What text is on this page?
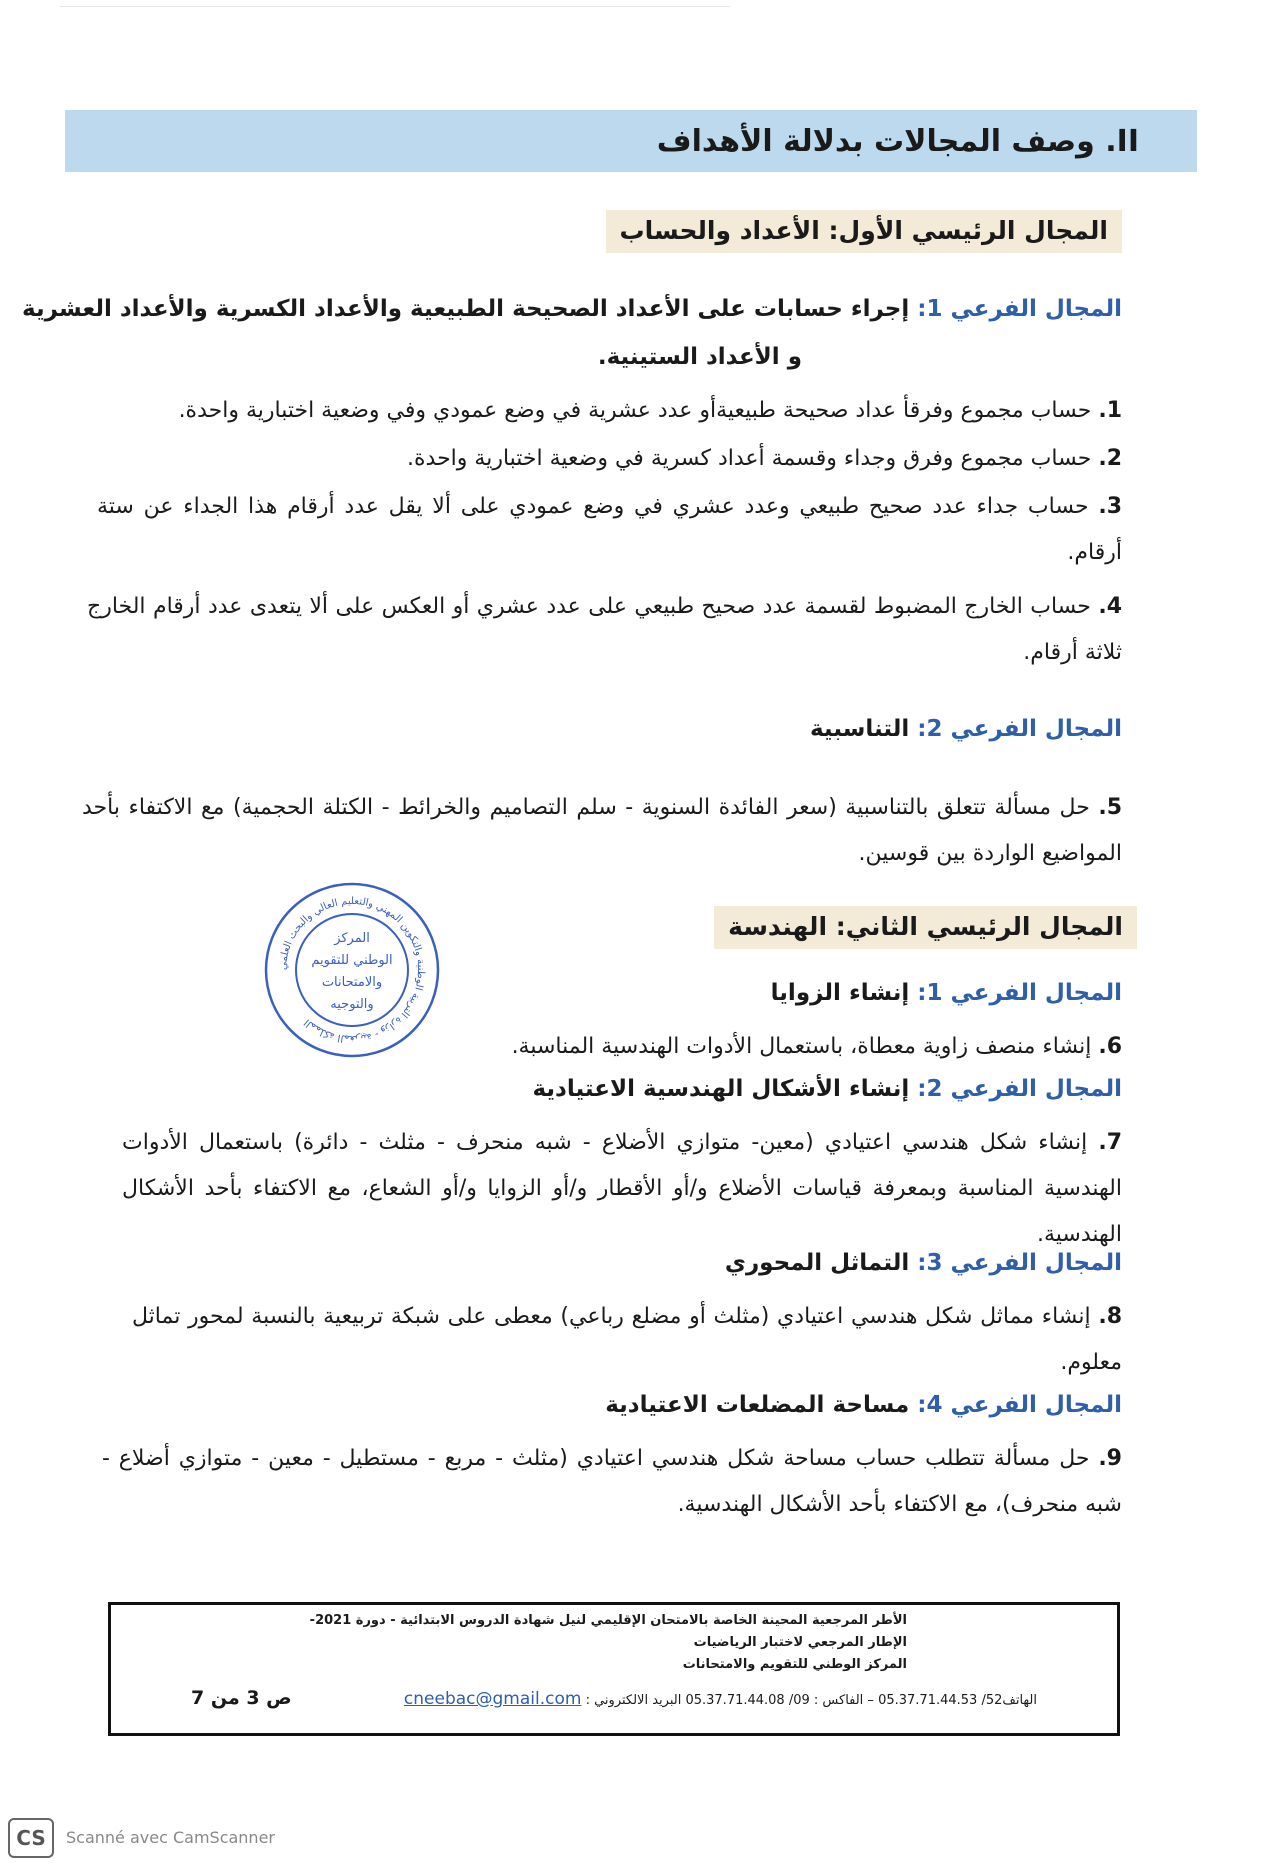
II. وصف المجالات بدلالة الأهداف
المجال الرئيسي الأول: الأعداد والحساب
المجال الفرعي 1: إجراء حسابات على الأعداد الصحيحة الطبيعية والأعداد الكسرية والأعداد العشرية
و الأعداد الستينية.
1. حساب مجموع وفرقأ عداد صحيحة طبيعيةأو عدد عشرية في وضع عمودي وفي وضعية اختبارية واحدة.
2. حساب مجموع وفرق وجداء وقسمة أعداد كسرية في وضعية اختبارية واحدة.
3. حساب جداء عدد صحيح طبيعي وعدد عشري في وضع عمودي على ألا يقل عدد أرقام هذا الجداء عن ستة أرقام.
4. حساب الخارج المضبوط لقسمة عدد صحيح طبيعي على عدد عشري أو العكس على ألا يتعدى عدد أرقام الخارج ثلاثة أرقام.
المجال الفرعي 2: التناسبية
5. حل مسألة تتعلق بالتناسبية (سعر الفائدة السنوية - سلم التصاميم والخرائط - الكتلة الحجمية) مع الاكتفاء بأحد المواضيع الواردة بين قوسين.
المجال الرئيسي الثاني: الهندسة
المجال الفرعي 1: إنشاء الزوايا
6. إنشاء منصف زاوية معطاة، باستعمال الأدوات الهندسية المناسبة.
المجال الفرعي 2: إنشاء الأشكال الهندسية الاعتيادية
7. إنشاء شكل هندسي اعتيادي (معين- متوازي الأضلاع - شبه منحرف - مثلث - دائرة) باستعمال الأدوات الهندسية المناسبة وبمعرفة قياسات الأضلاع و/أو الأقطار و/أو الزوايا و/أو الشعاع، مع الاكتفاء بأحد الأشكال الهندسية.
المجال الفرعي 3: التماثل المحوري
8. إنشاء مماثل شكل هندسي اعتيادي (مثلث أو مضلع رباعي) معطى على شبكة تربيعية بالنسبة لمحور تماثل معلوم.
المجال الفرعي 4: مساحة المضلعات الاعتيادية
9. حل مسألة تتطلب حساب مساحة شكل هندسي اعتيادي (مثلث - مربع - مستطيل - معين - متوازي أضلاع - شبه منحرف)، مع الاكتفاء بأحد الأشكال الهندسية.
المملكة المغربية - وزارة التربية الوطنية والتكوين المهني والتعليم العالي والبحث العلمي
المركز
الوطني للتقويم
والامتحانات
والتوجيه
الأطر المرجعية المحينة الخاصة بالامتحان الإقليمي لنيل شهادة الدروس الابتدائية - دورة 2021-
الإطار المرجعي لاختبار الرياضيات
المركز الوطني للتقويم والامتحانات
الهاتف52/ 05.37.71.44.53 – الفاكس : 09/ 05.37.71.44.08 البريد الالكتروني : cneebac@gmail.com
ص 3 من 7
CS	Scanné avec CamScanner
